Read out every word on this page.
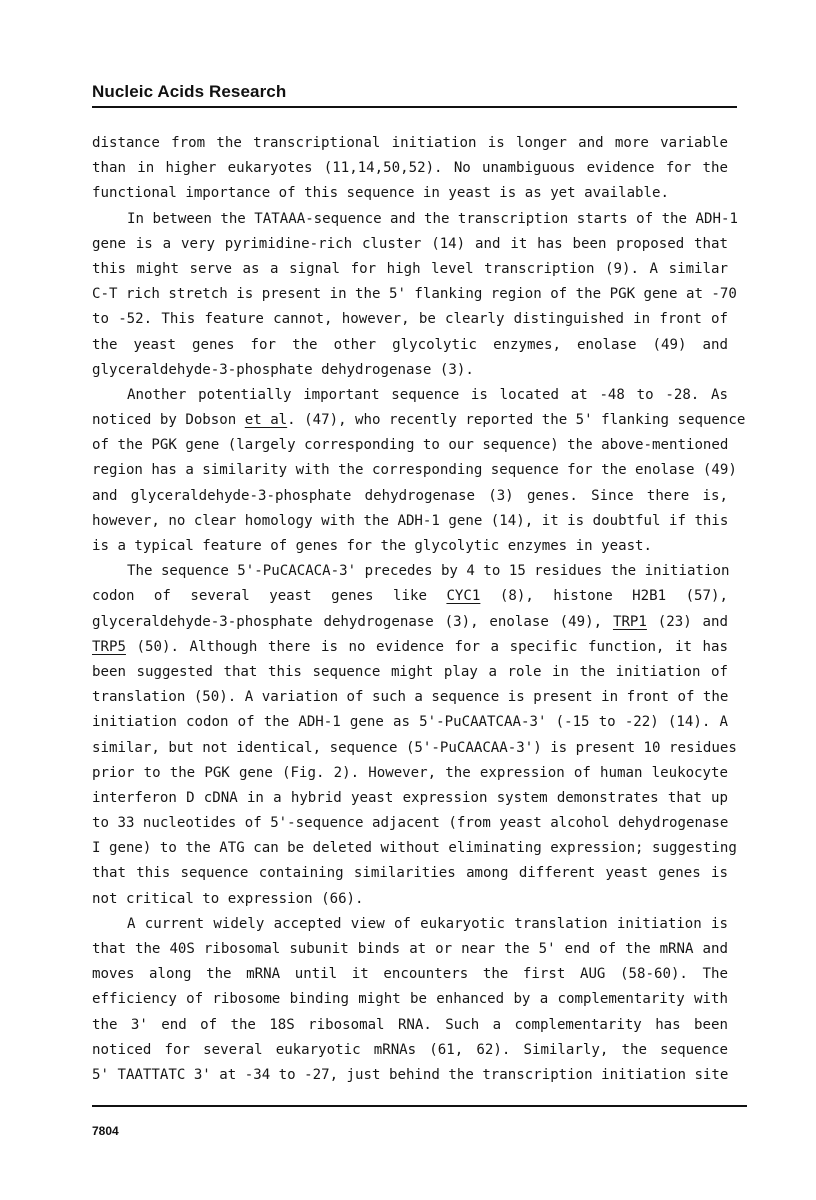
Nucleic Acids Research
distance from the transcriptional initiation is longer and more variable
than in higher eukaryotes (11,14,50,52). No unambiguous evidence for the
functional importance of this sequence in yeast is as yet available.
In between the TATAAA-sequence and the transcription starts of the ADH-1
gene is a very pyrimidine-rich cluster (14) and it has been proposed that
this might serve as a signal for high level transcription (9). A similar
C-T rich stretch is present in the 5' flanking region of the PGK gene at -70
to -52. This feature cannot, however, be clearly distinguished in front of
the yeast genes for the other glycolytic enzymes, enolase (49) and
glyceraldehyde-3-phosphate dehydrogenase (3).
Another potentially important sequence is located at -48 to -28. As
noticed by Dobson et al. (47), who recently reported the 5' flanking sequence
of the PGK gene (largely corresponding to our sequence) the above-mentioned
region has a similarity with the corresponding sequence for the enolase (49)
and glyceraldehyde-3-phosphate dehydrogenase (3) genes. Since there is,
however, no clear homology with the ADH-1 gene (14), it is doubtful if this
is a typical feature of genes for the glycolytic enzymes in yeast.
The sequence 5'-PuCACACA-3' precedes by 4 to 15 residues the initiation
codon of several yeast genes like CYC1 (8), histone H2B1 (57),
glyceraldehyde-3-phosphate dehydrogenase (3), enolase (49), TRP1 (23) and
TRP5 (50). Although there is no evidence for a specific function, it has
been suggested that this sequence might play a role in the initiation of
translation (50). A variation of such a sequence is present in front of the
initiation codon of the ADH-1 gene as 5'-PuCAATCAA-3' (-15 to -22) (14). A
similar, but not identical, sequence (5'-PuCAACAA-3') is present 10 residues
prior to the PGK gene (Fig. 2). However, the expression of human leukocyte
interferon D cDNA in a hybrid yeast expression system demonstrates that up
to 33 nucleotides of 5'-sequence adjacent (from yeast alcohol dehydrogenase
I gene) to the ATG can be deleted without eliminating expression; suggesting
that this sequence containing similarities among different yeast genes is
not critical to expression (66).
A current widely accepted view of eukaryotic translation initiation is
that the 40S ribosomal subunit binds at or near the 5' end of the mRNA and
moves along the mRNA until it encounters the first AUG (58-60). The
efficiency of ribosome binding might be enhanced by a complementarity with
the 3' end of the 18S ribosomal RNA. Such a complementarity has been
noticed for several eukaryotic mRNAs (61, 62). Similarly, the sequence
5' TAATTATC 3' at -34 to -27, just behind the transcription initiation site
7804
